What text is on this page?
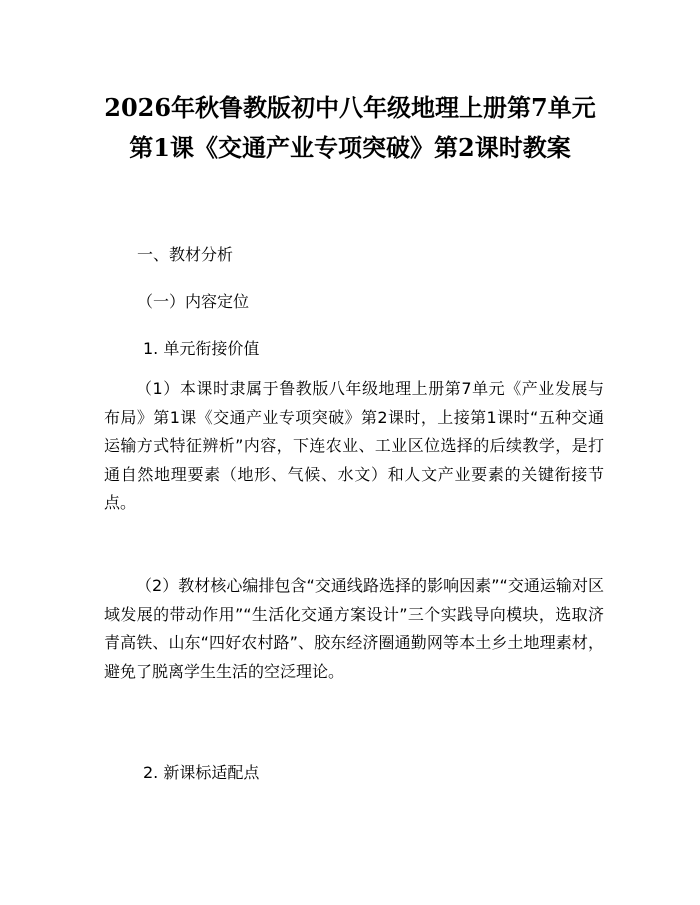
2026年秋鲁教版初中八年级地理上册第7单元第1课《交通产业专项突破》第2课时教案
一、教材分析
（一）内容定位
1. 单元衔接价值
（1）本课时隶属于鲁教版八年级地理上册第7单元《产业发展与布局》第1课《交通产业专项突破》第2课时，上接第1课时“五种交通运输方式特征辨析”内容，下连农业、工业区位选择的后续教学，是打通自然地理要素（地形、气候、水文）和人文产业要素的关键衔接节点。
（2）教材核心编排包含“交通线路选择的影响因素”“交通运输对区域发展的带动作用”“生活化交通方案设计”三个实践导向模块，选取济青高铁、山东“四好农村路”、胶东经济圈通勤网等本土乡土地理素材，避免了脱离学生生活的空泛理论。
2. 新课标适配点
